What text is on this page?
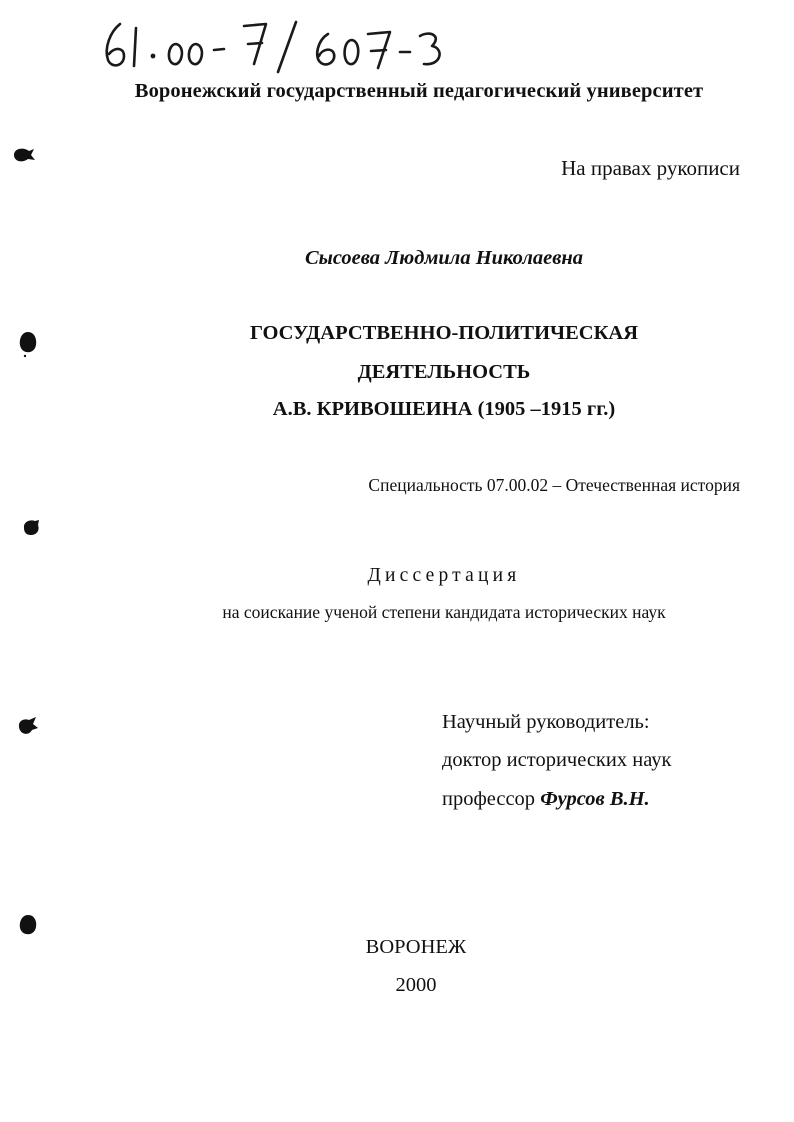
Воронежский государственный педагогический университет
На правах рукописи
Сысоева Людмила Николаевна
ГОСУДАРСТВЕННО-ПОЛИТИЧЕСКАЯ
ДЕЯТЕЛЬНОСТЬ
А.В. КРИВОШЕИНА (1905 –1915 гг.)
Специальность 07.00.02 – Отечественная история
Диссертация
на соискание ученой степени кандидата исторических наук
Научный руководитель:
доктор исторических наук
профессор Фурсов В.Н.
ВОРОНЕЖ
2000
